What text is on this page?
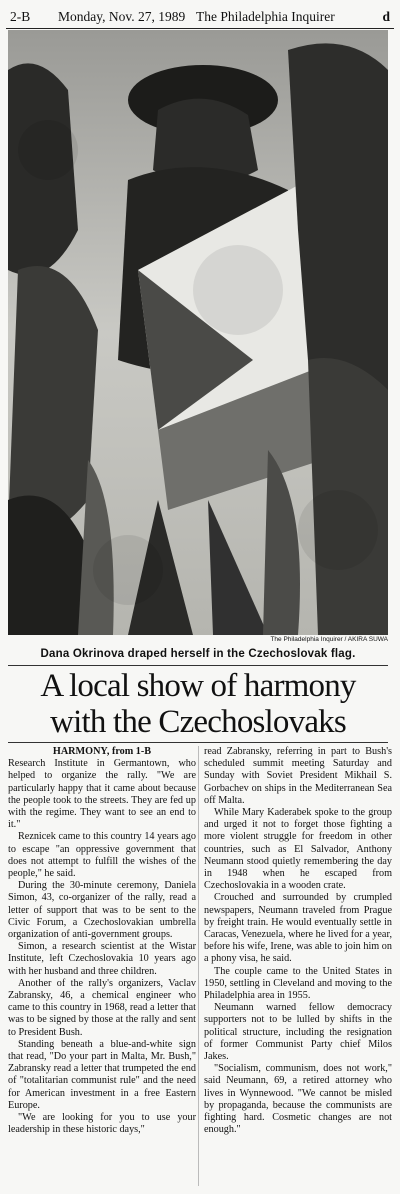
2-B Monday, Nov. 27, 1989 The Philadelphia Inquirer	d
The Philadelphia Inquirer / AKIRA SUWA
Dana Okrinova draped herself in the Czechoslovak flag.
A local show of harmony
with the Czechoslovaks

HARMONY, from 1-B

Research Institute in Germantown, who helped to organize the rally. "We are particularly happy that it came about because the people took to the streets. They are fed up with the regime. They want to see an end to it."

Reznicek came to this country 14 years ago to escape "an oppressive government that does not attempt to fulfill the wishes of the people," he said.

During the 30-minute ceremony, Daniela Simon, 43, co-organizer of the rally, read a letter of support that was to be sent to the Civic Forum, a Czechoslovakian umbrella organization of anti-government groups.

Simon, a research scientist at the Wistar Institute, left Czechoslovakia 10 years ago with her husband and three children.

Another of the rally's organizers, Vaclav Zabransky, 46, a chemical engineer who came to this country in 1968, read a letter that was to be signed by those at the rally and sent to President Bush.

Standing beneath a blue-and-white sign that read, "Do your part in Malta, Mr. Bush," Zabransky read a letter that trumpeted the end of "totalitarian communist rule" and the need for American investment in a free Eastern Europe.

"We are looking for you to use your leadership in these historic days,"

read Zabransky, referring in part to Bush's scheduled summit meeting Saturday and Sunday with Soviet President Mikhail S. Gorbachev on ships in the Mediterranean Sea off Malta.

While Mary Kaderabek spoke to the group and urged it not to forget those fighting a more violent struggle for freedom in other countries, such as El Salvador, Anthony Neumann stood quietly remembering the day in 1948 when he escaped from Czechoslovakia in a wooden crate.

Crouched and surrounded by crumpled newspapers, Neumann traveled from Prague by freight train. He would eventually settle in Caracas, Venezuela, where he lived for a year, before his wife, Irene, was able to join him on a phony visa, he said.

The couple came to the United States in 1950, settling in Cleveland and moving to the Philadelphia area in 1955.

Neumann warned fellow democracy supporters not to be lulled by shifts in the political structure, including the resignation of former Communist Party chief Milos Jakes.

"Socialism, communism, does not work," said Neumann, 69, a retired attorney who lives in Wynnewood. "We cannot be misled by propaganda, because the communists are fighting hard. Cosmetic changes are not enough."
